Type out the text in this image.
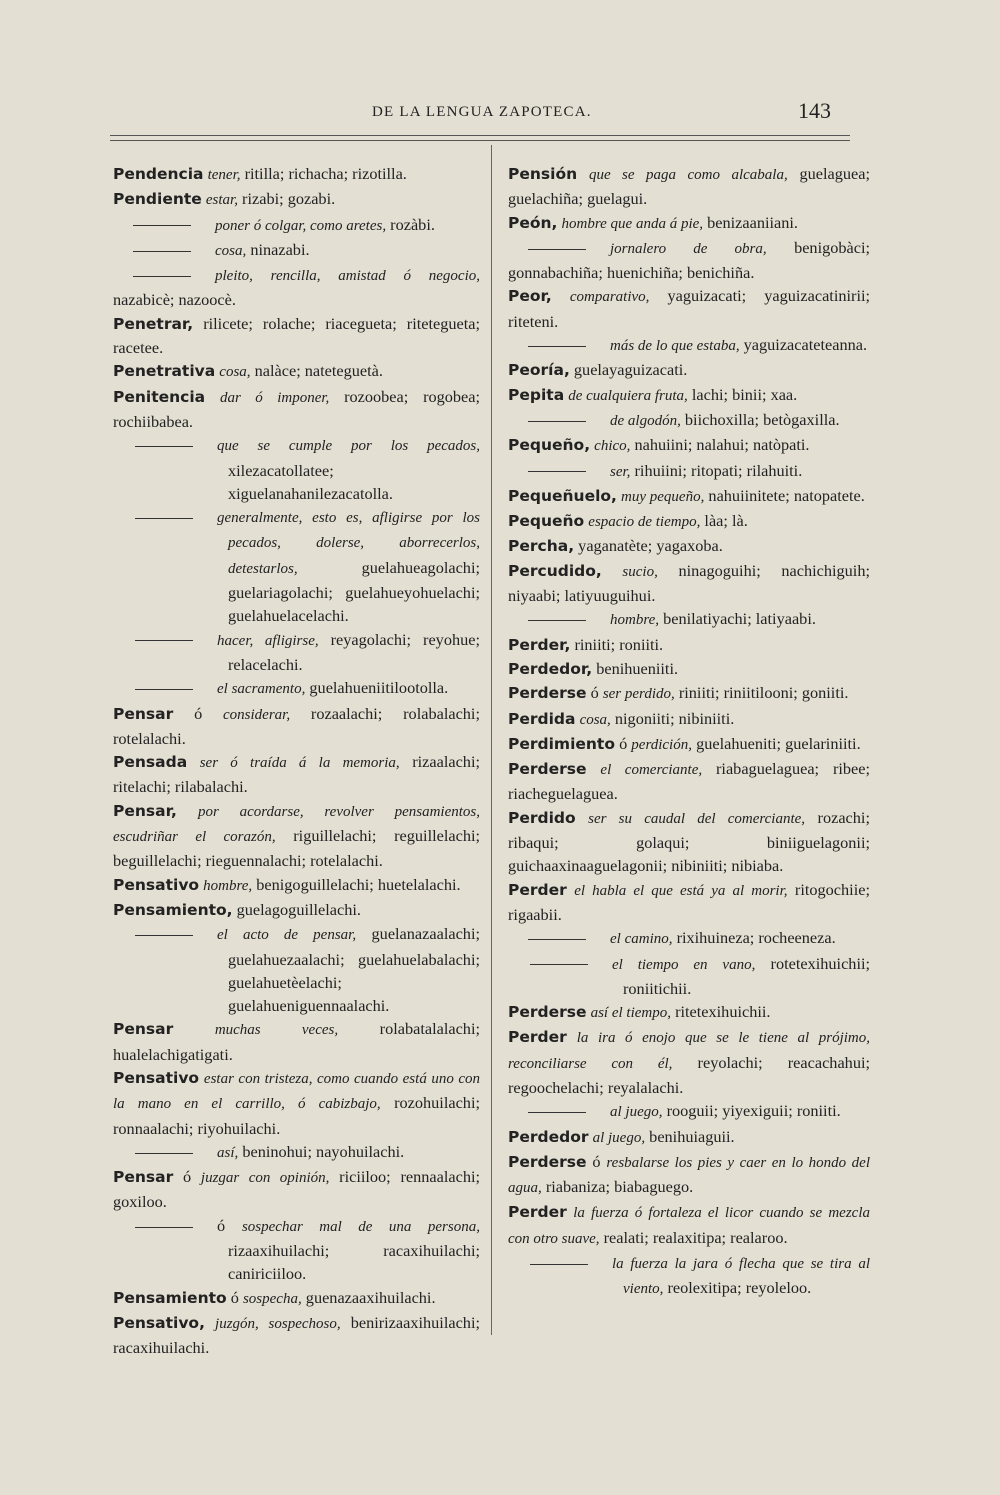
DE LA LENGUA ZAPOTECA.	143
Pendencia tener, ritilla; richacha; rizotilla.
Pendiente estar, rizabi; gozabi.
poner ó colgar, como aretes, rozàbi.
cosa, ninazabi.
pleito, rencilla, amistad ó negocio, nazabicè; nazoocè.
Penetrar, rilicete; rolache; riacegueta; ritetegueta; racetee.
Penetrativa cosa, nalàce; nateteguetà.
Penitencia dar ó imponer, rozoobea; rogobea; rochiibabea.
que se cumple por los pecados, xilezacatollatee; xiguelanahanilezacatolla.
generalmente, esto es, afligirse por los pecados, dolerse, aborrecerlos, detestarlos,	guelahueagolachi; guelariagolachi; guelahueyohuelachi; guelahuelacelachi.
hacer, afligirse, reyagolachi; reyohue; relacelachi.
el sacramento, guelahueniitilootolla.
Pensar ó considerar, rozaalachi; rolabalachi; rotelalachi.
Pensada ser ó traída á la memoria, rizaalachi; ritelachi; rilabalachi.
Pensar, por acordarse, revolver pensamientos, escudriñar el corazón, riguillelachi; reguillelachi; beguillelachi; rieguennalachi; rotelalachi.
Pensativo hombre, benigoguillelachi; huetelalachi.
Pensamiento, guelagoguillelachi.
el acto de pensar, guelanazaalachi; guelahuezaalachi; guelahuelabalachi; guelahuetèelachi; guelahueniguennaalachi.
Pensar	muchas veces,	rolabatalalachi; hualelachigatigati.
Pensativo estar con tristeza, como cuando está uno con la mano en el carrillo, ó cabizbajo, rozohuilachi; ronnaalachi; riyohuilachi.
así, beninohui; nayohuilachi.
Pensar ó juzgar con opinión, riciiloo; rennaalachi; goxiloo.
ó sospechar mal de una persona, rizaaxihuilachi; racaxihuilachi; caniriciiloo.
Pensamiento ó sospecha, guenazaaxihuilachi.
Pensativo, juzgón, sospechoso, benirizaaxihuilachi; racaxihuilachi.
Pensión que se paga como alcabala, guelaguea; guelachiña; guelagui.
Peón, hombre que anda á pie, benizaaniiani.
jornalero de obra, benigobàci; gonnabachiña; huenichiña; benichiña.
Peor, comparativo, yaguizacati; yaguizacatinirii; riteteni.
más de lo que estaba, yaguizacateteanna.
Peoría, guelayaguizacati.
Pepita de cualquiera fruta, lachi; binii; xaa.
de algodón, biichoxilla; betògaxilla.
Pequeño, chico, nahuiini; nalahui; natòpati.
ser, rihuiini; ritopati; rilahuiti.
Pequeñuelo, muy pequeño, nahuiinitete; natopatete.
Pequeño espacio de tiempo, làa; là.
Percha, yaganatète; yagaxoba.
Percudido, sucio, ninagoguihi; nachichiguih; niyaabi; latiyuuguihui.
hombre, benilatiyachi; latiyaabi.
Perder, riniiti; roniiti.
Perdedor, benihueniiti.
Perderse ó ser perdido, riniiti; riniitilooni; goniiti.
Perdida cosa, nigoniiti; nibiniiti.
Perdimiento ó perdición, guelahueniti; guelariniiti.
Perderse el comerciante, riabaguelaguea; ribee; riacheguelaguea.
Perdido ser su caudal del comerciante, rozachi; ribaqui; golaqui; biniiguelagonii; guichaaxinaaguelagonii; nibiniiti; nibiaba.
Perder el habla el que está ya al morir, ritogochiie; rigaabii.
el camino, rixihuineza; rocheeneza.
el tiempo en vano, rotetexihuichii; roniitichii.
Perderse así el tiempo, ritetexihuichii.
Perder la ira ó enojo que se le tiene al prójimo, reconciliarse con él, reyolachi; reacachahui; regoochelachi; reyalalachi.
al juego, rooguii; yiyexiguii; roniiti.
Perdedor al juego, benihuiaguii.
Perderse ó resbalarse los pies y caer en lo hondo del agua, riabaniza; biabaguego.
Perder la fuerza ó fortaleza el licor cuando se mezcla con otro suave, realati; realaxitipa; realaroo.
la fuerza la jara ó flecha que se tira al viento, reolexitipa; reyoleloo.
